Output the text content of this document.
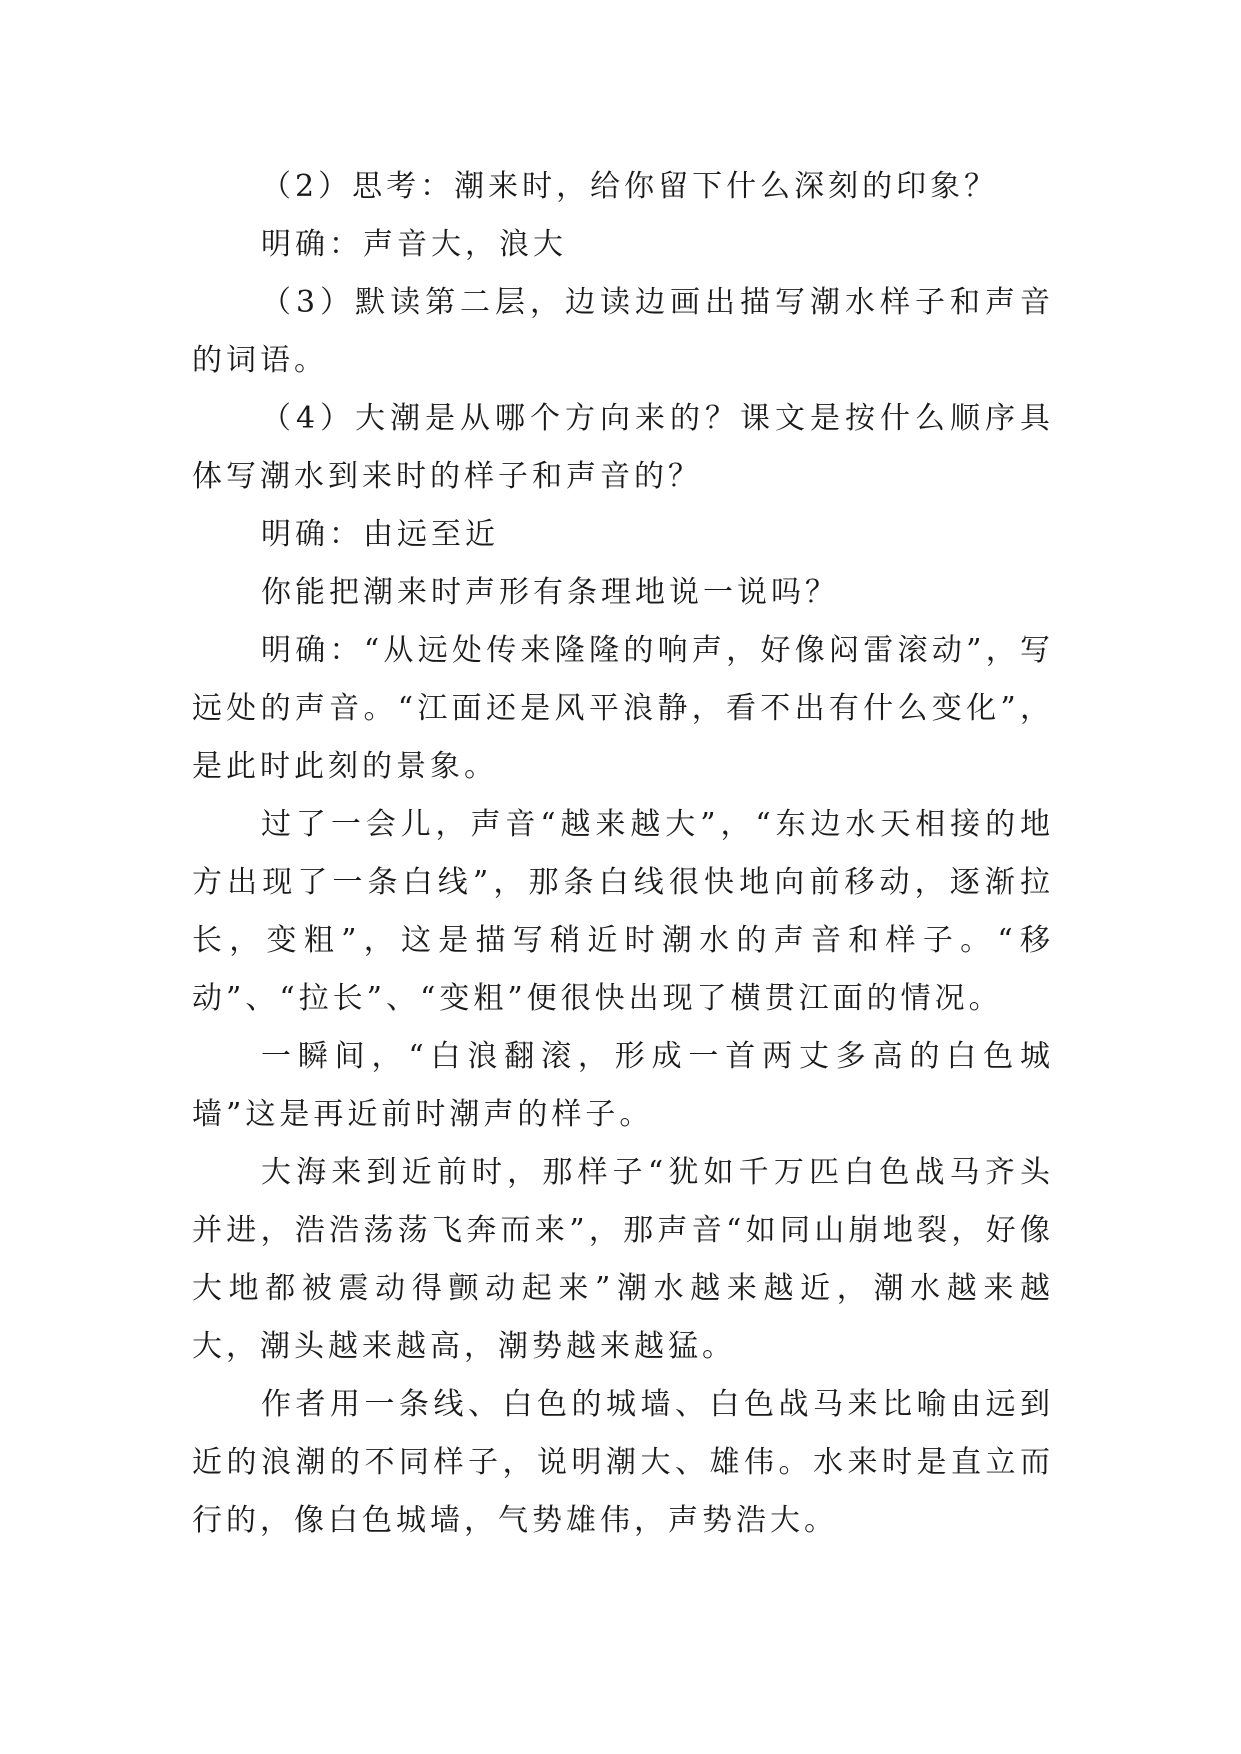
（2）思考：潮来时，给你留下什么深刻的印象？

明确：声音大，浪大

（3）默读第二层，边读边画出描写潮水样子和声音的词语。

（4）大潮是从哪个方向来的？课文是按什么顺序具体写潮水到来时的样子和声音的？

明确：由远至近

你能把潮来时声形有条理地说一说吗？

明确：“从远处传来隆隆的响声，好像闷雷滚动”，写远处的声音。“江面还是风平浪静，看不出有什么变化”，是此时此刻的景象。

过了一会儿，声音“越来越大”，“东边水天相接的地方出现了一条白线”，那条白线很快地向前移动，逐渐拉长，变粗”，这是描写稍近时潮水的声音和样子。“移动”、“拉长”、“变粗”便很快出现了横贯江面的情况。

一瞬间，“白浪翻滚，形成一首两丈多高的白色城墙”这是再近前时潮声的样子。

大海来到近前时，那样子“犹如千万匹白色战马齐头并进，浩浩荡荡飞奔而来”，那声音“如同山崩地裂，好像大地都被震动得颤动起来”潮水越来越近，潮水越来越大，潮头越来越高，潮势越来越猛。

作者用一条线、白色的城墙、白色战马来比喻由远到近的浪潮的不同样子，说明潮大、雄伟。水来时是直立而行的，像白色城墙，气势雄伟，声势浩大。
